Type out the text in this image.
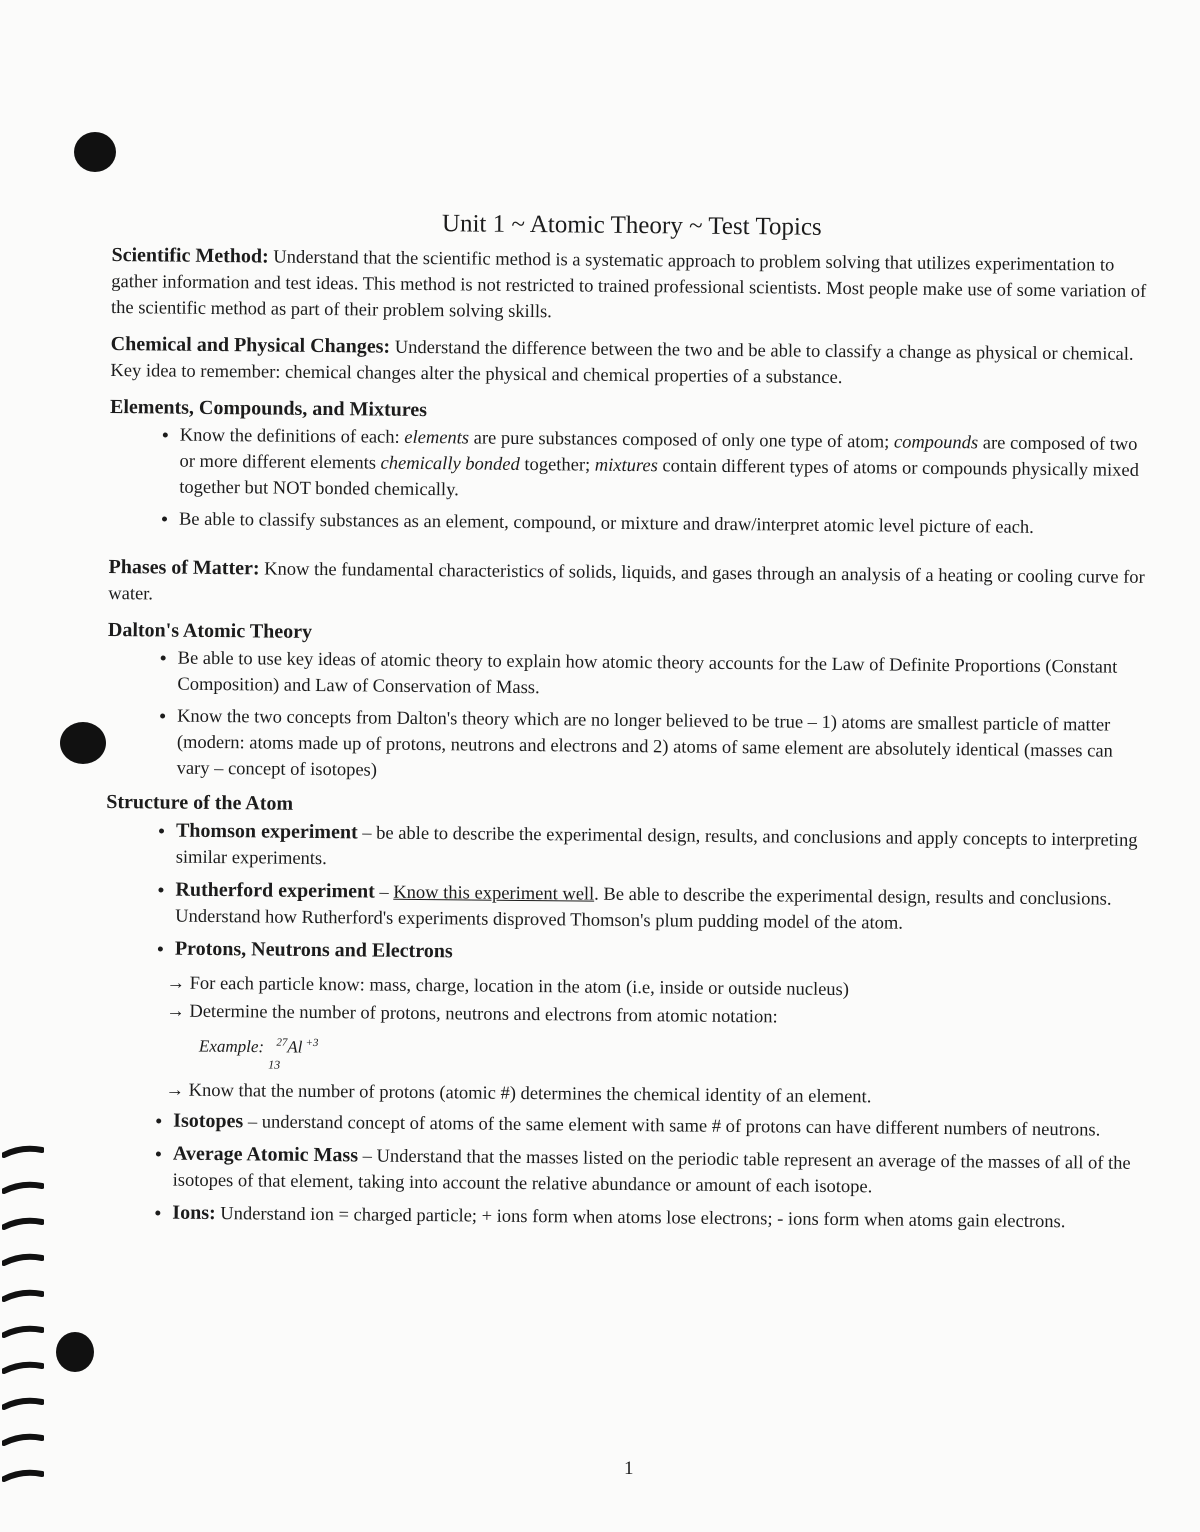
Unit 1 ~ Atomic Theory ~ Test Topics

Scientific Method: Understand that the scientific method is a systematic approach to problem solving that utilizes experimentation to gather information and test ideas. This method is not restricted to trained professional scientists. Most people make use of some variation of the scientific method as part of their problem solving skills.

Chemical and Physical Changes: Understand the difference between the two and be able to classify a change as physical or chemical. Key idea to remember: chemical changes alter the physical and chemical properties of a substance.

Elements, Compounds, and Mixtures
• Know the definitions of each: elements are pure substances composed of only one type of atom; compounds are composed of two or more different elements chemically bonded together; mixtures contain different types of atoms or compounds physically mixed together but NOT bonded chemically.
• Be able to classify substances as an element, compound, or mixture and draw/interpret atomic level picture of each.

Phases of Matter: Know the fundamental characteristics of solids, liquids, and gases through an analysis of a heating or cooling curve for water.

Dalton's Atomic Theory
• Be able to use key ideas of atomic theory to explain how atomic theory accounts for the Law of Definite Proportions (Constant Composition) and Law of Conservation of Mass.
• Know the two concepts from Dalton's theory which are no longer believed to be true – 1) atoms are smallest particle of matter (modern: atoms made up of protons, neutrons and electrons and 2) atoms of same element are absolutely identical (masses can vary – concept of isotopes)
Structure of the Atom
• Thomson experiment – be able to describe the experimental design, results, and conclusions and apply concepts to interpreting similar experiments.
• Rutherford experiment – Know this experiment well. Be able to describe the experimental design, results and conclusions. Understand how Rutherford's experiments disproved Thomson's plum pudding model of the atom.
• Protons, Neutrons and Electrons
→ For each particle know: mass, charge, location in the atom (i.e, inside or outside nucleus)
→ Determine the number of protons, neutrons and electrons from atomic notation:
Example: $^{27}$Al $^{+3}$
13
→ Know that the number of protons (atomic #) determines the chemical identity of an element.
• Isotopes – understand concept of atoms of the same element with same # of protons can have different numbers of neutrons.
• Average Atomic Mass – Understand that the masses listed on the periodic table represent an average of the masses of all of the isotopes of that element, taking into account the relative abundance or amount of each isotope.
• Ions: Understand ion = charged particle; + ions form when atoms lose electrons; - ions form when atoms gain electrons.
1
